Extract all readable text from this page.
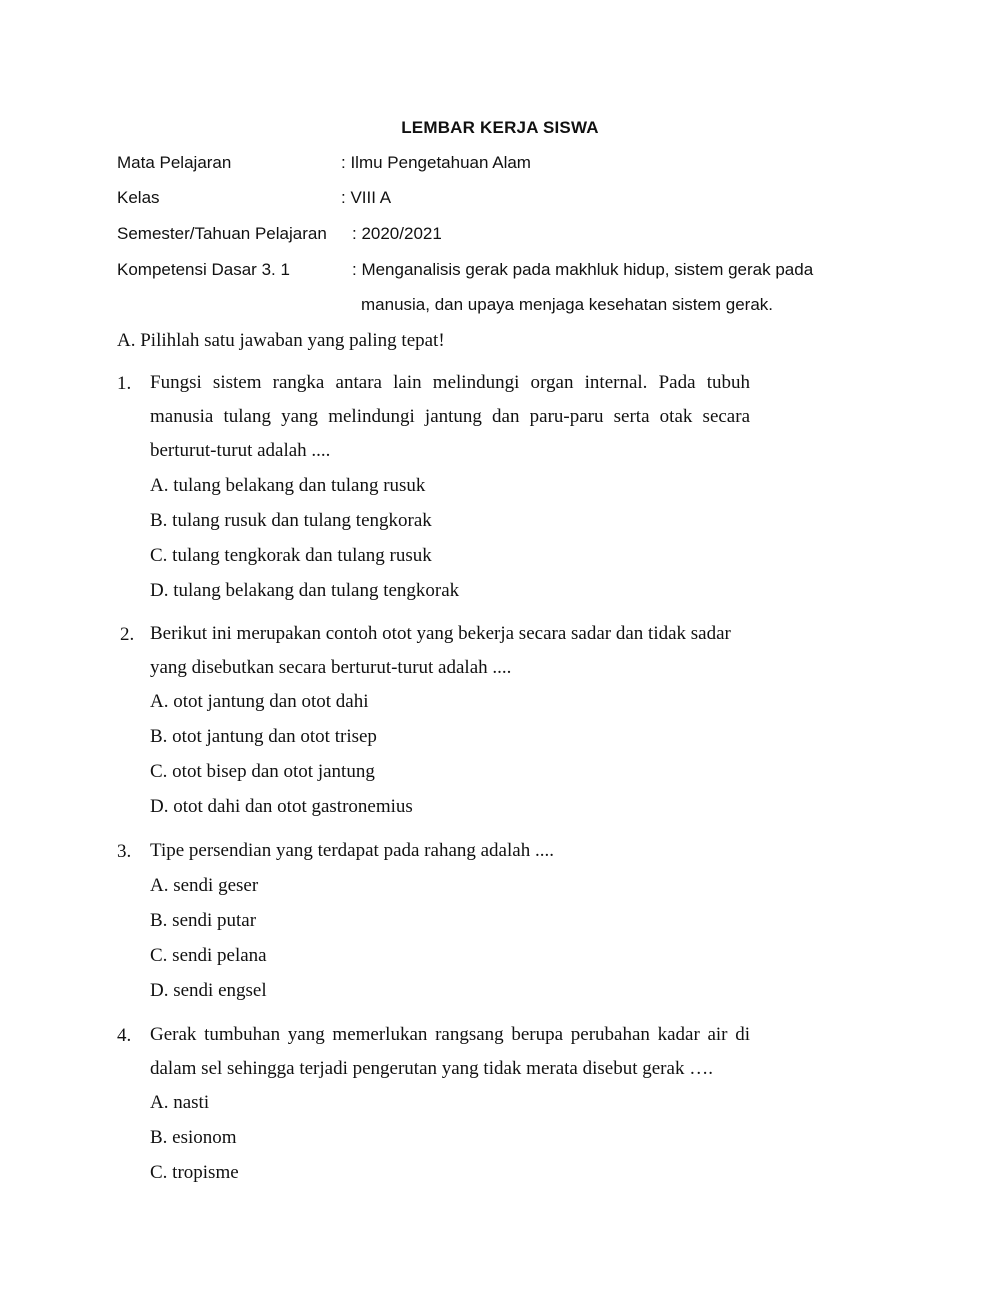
LEMBAR KERJA SISWA
Mata Pelajaran	: Ilmu Pengetahuan Alam
Kelas	: VIII A
Semester/Tahuan Pelajaran : 2020/2021
Kompetensi Dasar 3. 1	: Menganalisis gerak pada makhluk hidup, sistem gerak pada
manusia, dan upaya menjaga kesehatan sistem gerak.
A. Pilihlah satu jawaban yang paling tepat!
1. Fungsi sistem rangka antara lain melindungi organ internal. Pada tubuh
manusia tulang yang melindungi jantung dan paru-paru serta otak secara
berturut-turut adalah ....
A. tulang belakang dan tulang rusuk
B. tulang rusuk dan tulang tengkorak
C. tulang tengkorak dan tulang rusuk
D. tulang belakang dan tulang tengkorak
2. Berikut ini merupakan contoh otot yang bekerja secara sadar dan tidak sadar
yang disebutkan secara berturut-turut adalah ....
A. otot jantung dan otot dahi
B. otot jantung dan otot trisep
C. otot bisep dan otot jantung
D. otot dahi dan otot gastronemius
3. Tipe persendian yang terdapat pada rahang adalah ....
A. sendi geser
B. sendi putar
C. sendi pelana
D. sendi engsel
4. Gerak tumbuhan yang memerlukan rangsang berupa perubahan kadar air di
dalam sel sehingga terjadi pengerutan yang tidak merata disebut gerak ….
A. nasti
B. esionom
C. tropisme
